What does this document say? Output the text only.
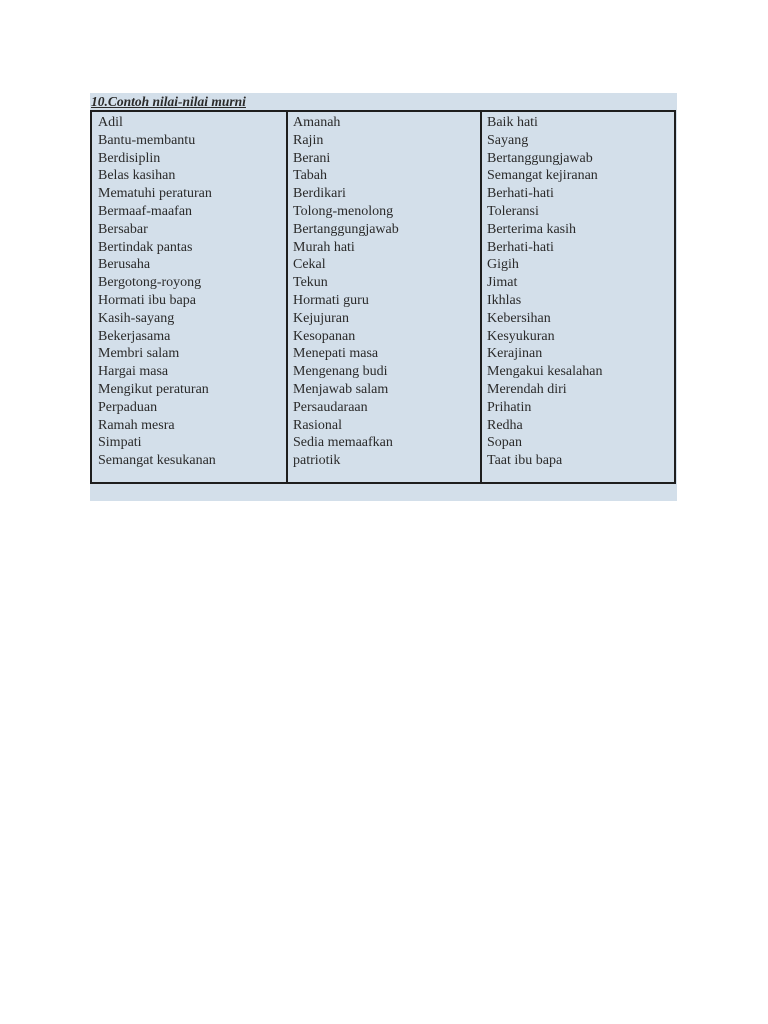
10.Contoh nilai-nilai murni
Adil
Bantu-membantu
Berdisiplin
Belas kasihan
Mematuhi peraturan
Bermaaf-maafan
Bersabar
Bertindak pantas
Berusaha
Bergotong-royong
Hormati ibu bapa
Kasih-sayang
Bekerjasama
Membri salam
Hargai masa
Mengikut peraturan
Perpaduan
Ramah mesra
Simpati
Semangat kesukanan
Amanah
Rajin
Berani
Tabah
Berdikari
Tolong-menolong
Bertanggungjawab
Murah hati
Cekal
Tekun
Hormati guru
Kejujuran
Kesopanan
Menepati masa
Mengenang budi
Menjawab salam
Persaudaraan
Rasional
Sedia memaafkan
patriotik
Baik hati
Sayang
Bertanggungjawab
Semangat kejiranan
Berhati-hati
Toleransi
Berterima kasih
Berhati-hati
Gigih
Jimat
Ikhlas
Kebersihan
Kesyukuran
Kerajinan
Mengakui kesalahan
Merendah diri
Prihatin
Redha
Sopan
Taat ibu bapa
